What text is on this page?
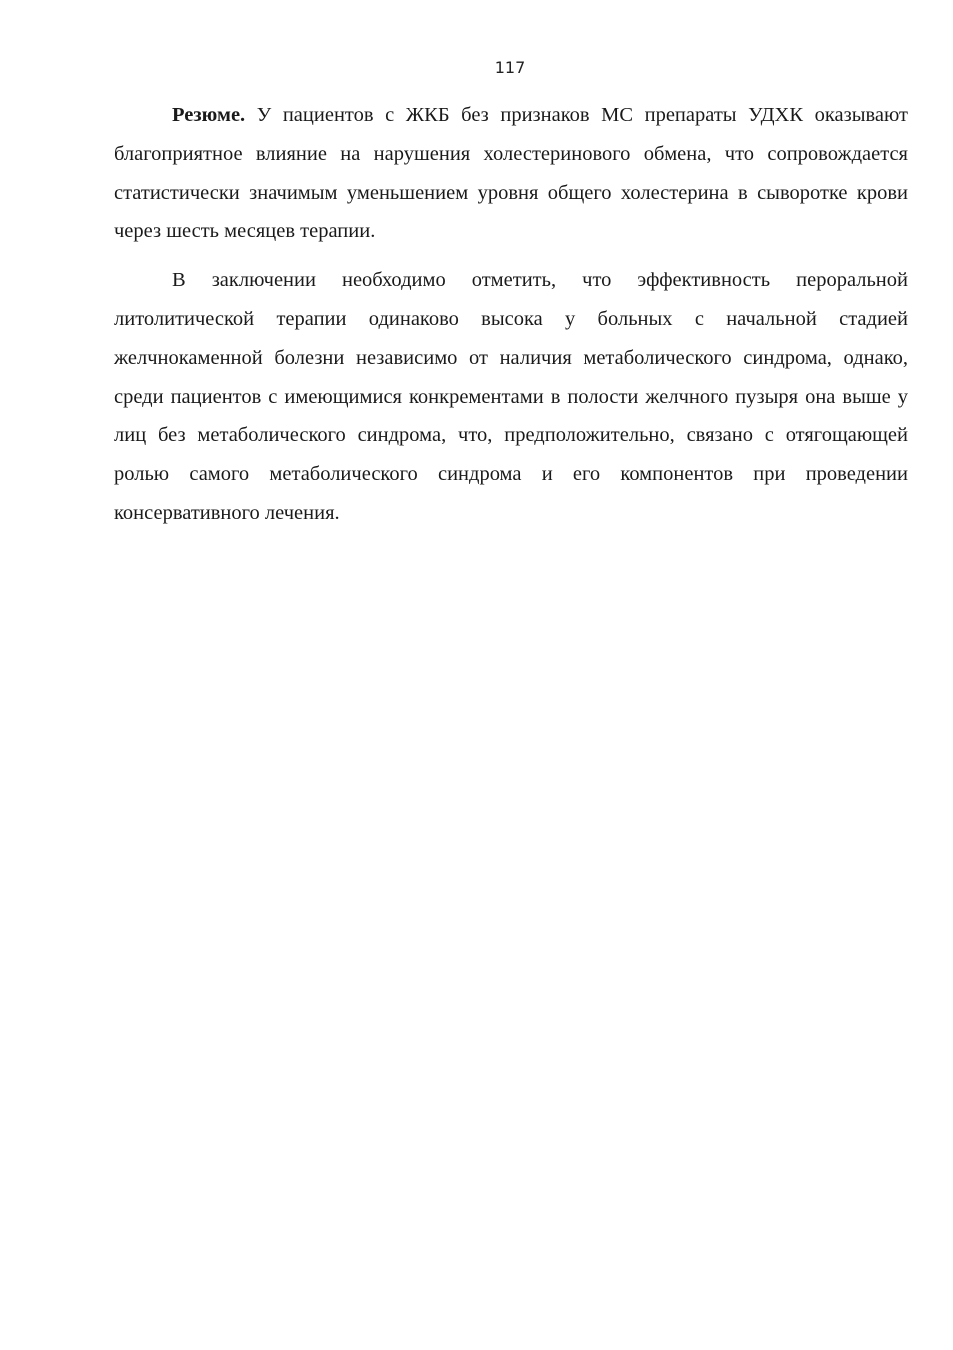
117

Резюме. У пациентов с ЖКБ без признаков МС препараты УДХК оказывают благоприятное влияние на нарушения холестеринового обмена, что сопровождается статистически значимым уменьшением уровня общего холестерина в сыворотке крови через шесть месяцев терапии.

В заключении необходимо отметить, что эффективность пероральной литолитической терапии одинаково высока у больных с начальной стадией желчнокаменной болезни независимо от наличия метаболического синдрома, однако, среди пациентов с имеющимися конкрементами в полости желчного пузыря она выше у лиц без метаболического синдрома, что, предположительно, связано с отягощающей ролью самого метаболического синдрома и его компонентов при проведении консервативного лечения.
